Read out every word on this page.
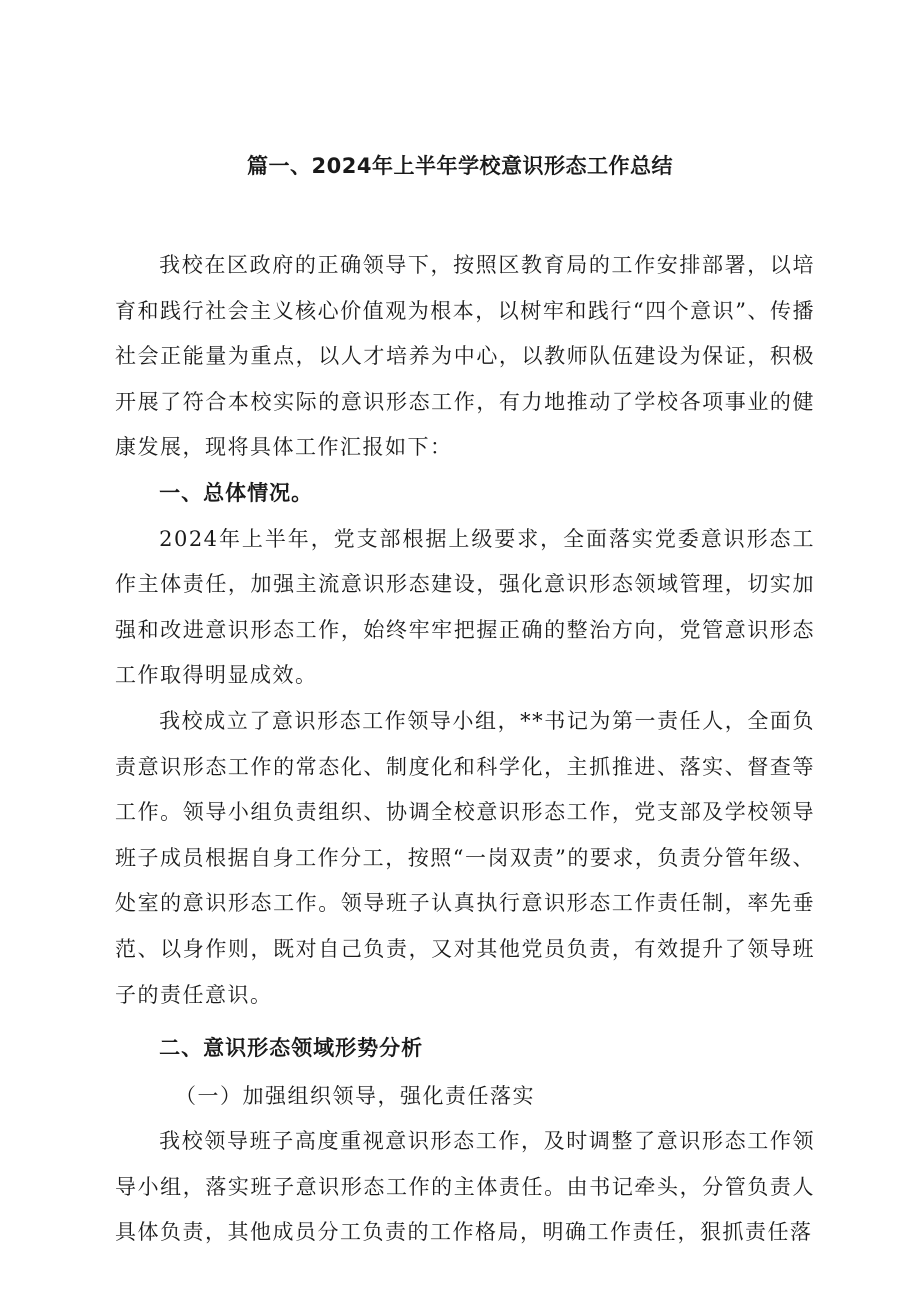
篇一、2024年上半年学校意识形态工作总结

我校在区政府的正确领导下，按照区教育局的工作安排部署，以培育和践行社会主义核心价值观为根本，以树牢和践行“四个意识”、传播社会正能量为重点，以人才培养为中心，以教师队伍建设为保证，积极开展了符合本校实际的意识形态工作，有力地推动了学校各项事业的健康发展，现将具体工作汇报如下：

一、总体情况。

2024年上半年，党支部根据上级要求，全面落实党委意识形态工作主体责任，加强主流意识形态建设，强化意识形态领域管理，切实加强和改进意识形态工作，始终牢牢把握正确的整治方向，党管意识形态工作取得明显成效。

我校成立了意识形态工作领导小组，**书记为第一责任人，全面负责意识形态工作的常态化、制度化和科学化，主抓推进、落实、督查等工作。领导小组负责组织、协调全校意识形态工作，党支部及学校领导班子成员根据自身工作分工，按照“一岗双责”的要求，负责分管年级、处室的意识形态工作。领导班子认真执行意识形态工作责任制，率先垂范、以身作则，既对自己负责，又对其他党员负责，有效提升了领导班子的责任意识。

二、意识形态领域形势分析

（一）加强组织领导，强化责任落实

我校领导班子高度重视意识形态工作，及时调整了意识形态工作领导小组，落实班子意识形态工作的主体责任。由书记牵头，分管负责人具体负责，其他成员分工负责的工作格局，明确工作责任，狠抓责任落
